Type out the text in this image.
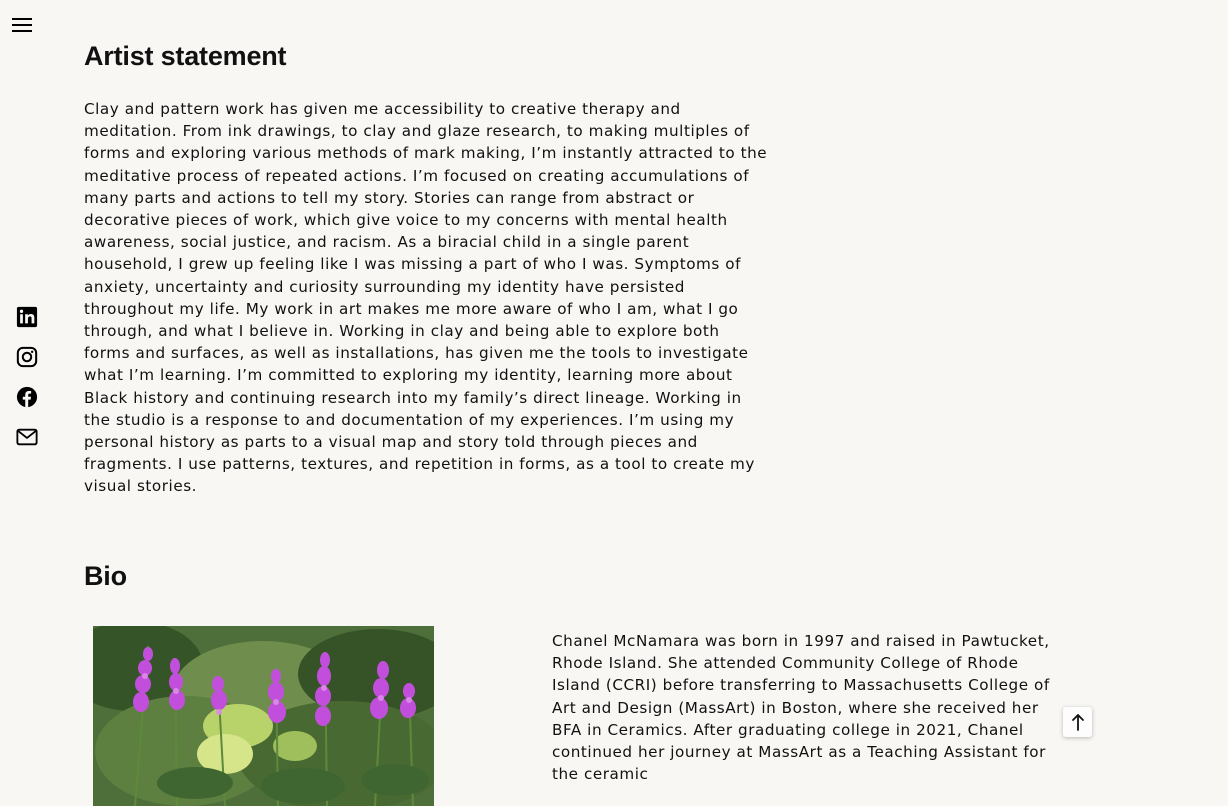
Artist statement

Clay and pattern work has given me accessibility to creative therapy and meditation. From ink drawings, to clay and glaze research, to making multiples of forms and exploring various methods of mark making, I’m instantly attracted to the meditative process of repeated actions. I’m focused on creating accumulations of many parts and actions to tell my story. Stories can range from abstract or decorative pieces of work, which give voice to my concerns with mental health awareness, social justice, and racism. As a biracial child in a single parent household, I grew up feeling like I was missing a part of who I was. Symptoms of anxiety, uncertainty and curiosity surrounding my identity have persisted throughout my life. My work in art makes me more aware of who I am, what I go through, and what I believe in. Working in clay and being able to explore both forms and surfaces, as well as installations, has given me the tools to investigate what I’m learning. I’m committed to exploring my identity, learning more about Black history and continuing research into my family’s direct lineage. Working in the studio is a response to and documentation of my experiences. I’m using my personal history as parts to a visual map and story told through pieces and fragments. I use patterns, textures, and repetition in forms, as a tool to create my visual stories.

Bio

Chanel McNamara was born in 1997 and raised in Pawtucket, Rhode Island. She attended Community College of Rhode Island (CCRI) before transferring to Massachusetts College of Art and Design (MassArt) in Boston, where she received her BFA in Ceramics. After graduating college in 2021, Chanel continued her journey at MassArt as a Teaching Assistant for the ceramic
